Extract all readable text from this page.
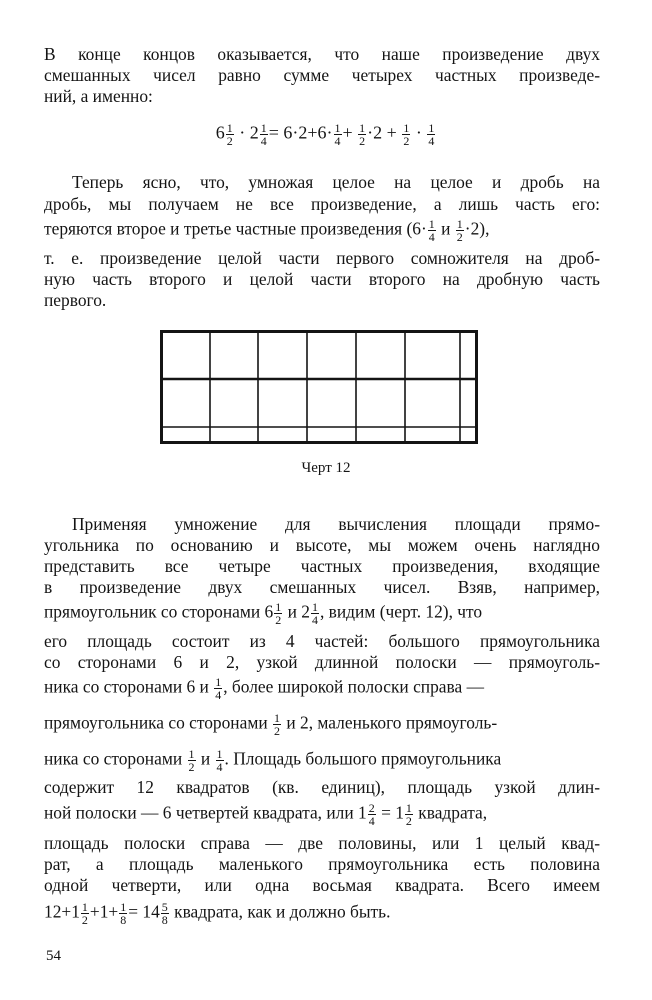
В конце концов оказывается, что наше произведение двух

смешанных чисел равно сумме четырех частных произведе-

ний, а именно:

$6 \frac{1}{2} \cdot 2 \frac{1}{4} = 6\cdot 2+6\cdot \frac{1}{4} + \frac{1}{2} \cdot 2 + \frac{1}{2} \cdot \frac{1}{4}$

Теперь ясно, что, умножая целое на целое и дробь на

дробь, мы получаем не все произведение, а лишь часть его:

теряются второе и третье частные произведения ($6\cdot \frac{1}{4}$ и $\frac{1}{2} \cdot 2$),

т. е. произведение целой части первого сомножителя на дроб-

ную часть второго и целой части второго на дробную часть

первого.

Черт 12

Применяя умножение для вычисления площади прямо-

угольника по основанию и высоте, мы можем очень наглядно

представить все четыре частных произведения, входящие

в произведение двух смешанных чисел. Взяв, например,

прямоугольник со сторонами $6 \frac{1}{2}$ и $2 \frac{1}{4}$ , видим (черт. 12), что

его площадь состоит из 4 частей: большого прямоугольника

со сторонами 6 и 2, узкой длинной полоски — прямоуголь-

ника со сторонами 6 и $\frac{1}{4}$ , более широкой полоски справа —

прямоугольника со сторонами $\frac{1}{2}$ и 2, маленького прямоуголь-

ника со сторонами $\frac{1}{2}$ и $\frac{1}{4}$ . Площадь большого прямоугольника

содержит 12 квадратов (кв. единиц), площадь узкой длин-

ной полоски — 6 четвертей квадрата, или $1 \frac{2}{4} = 1 \frac{1}{2}$ квадрата,

площадь полоски справа — две половины, или 1 целый квад-

рат, а площадь маленького прямоугольника есть половина

одной четверти, или одна восьмая квадрата. Всего имеем

$12+1 \frac{1}{2} +1+ \frac{1}{8} = 14 \frac{5}{8}$ квадрата, как и должно быть.

54
